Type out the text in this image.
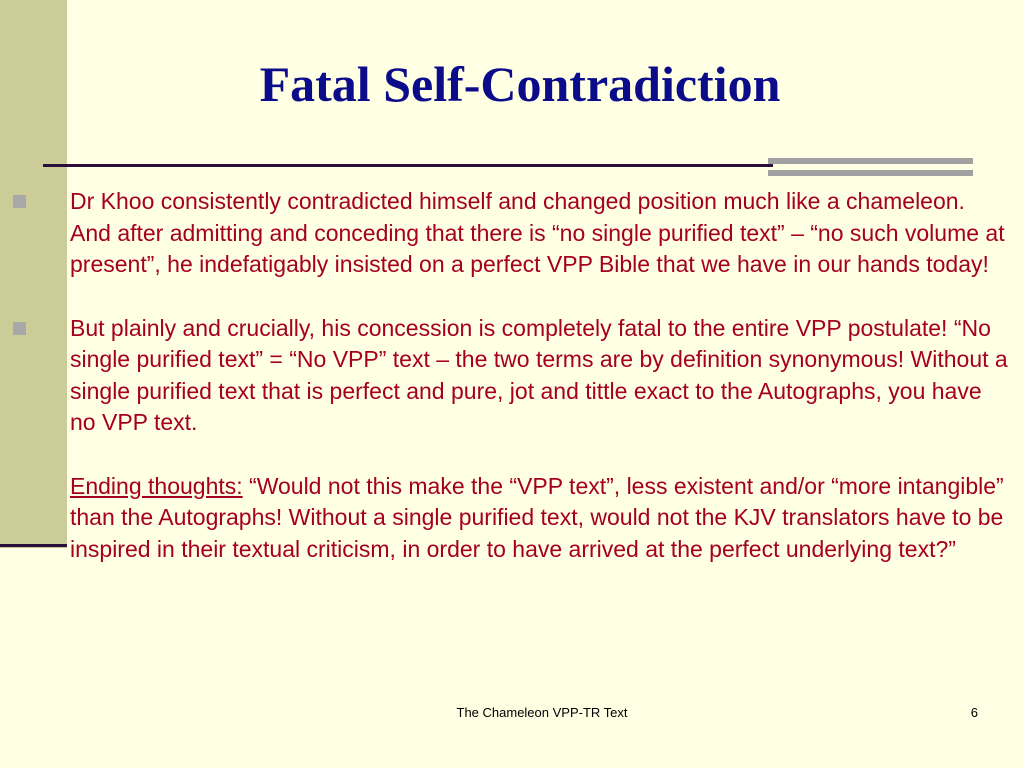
Fatal Self-Contradiction
Dr Khoo consistently contradicted himself and changed position much like a chameleon. And after admitting and conceding that there is “no single purified text” – “no such volume at present”, he indefatigably insisted on a perfect VPP Bible that we have in our hands today!
But plainly and crucially, his concession is completely fatal to the entire VPP postulate! “No single purified text” = “No VPP” text – the two terms are by definition synonymous! Without a single purified text that is perfect and pure, jot and tittle exact to the Autographs, you have no VPP text.
Ending thoughts: “Would not this make the “VPP text”, less existent and/or “more intangible” than the Autographs! Without a single purified text, would not the KJV translators have to be inspired in their textual criticism, in order to have arrived at the perfect underlying text?”
The Chameleon VPP-TR Text	6
